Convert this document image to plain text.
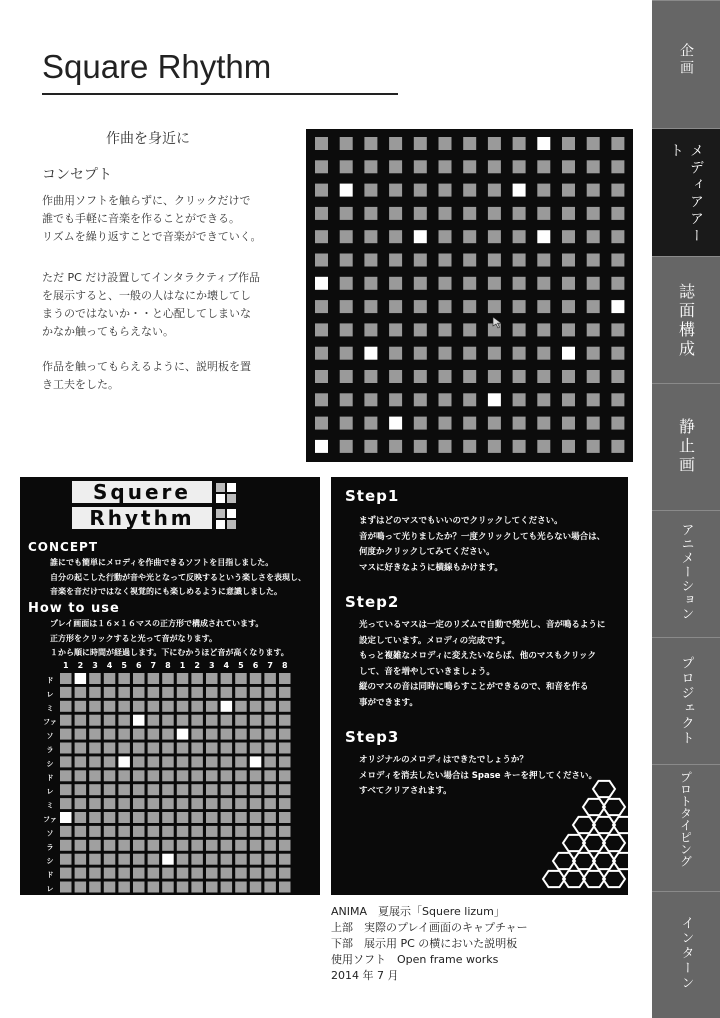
Square Rhythm
作曲を身近に
コンセプト
作曲用ソフトを触らずに、クリックだけで
誰でも手軽に音楽を作ることができる。
リズムを繰り返すことで音楽ができていく。
ただ PC だけ設置してインタラクティブ作品
を展示すると、一般の人はなにか壊してし
まうのではないか・・と心配してしまいな
かなか触ってもらえない。
作品を触ってもらえるように、説明板を置
き工夫をした。
Squere
Rhythm
CONCEPT
誰にでも簡単にメロディを作曲できるソフトを目指しました。
自分の起こした行動が音や光となって反映するという楽しさを表現し、
音楽を音だけではなく視覚的にも楽しめるように意識しました。
How to use
プレイ画面は１６×１６マスの正方形で構成されています。
正方形をクリックすると光って音がなります。
１から順に時間が経過します。下にむかうほど音が高くなります。
1 2 3 4 5 6 7 8 1 2 3 4 5 6 7 8
ド
レ
ミ
ファ
ソ
ラ
シ
ド
レ
ミ
ファ
ソ
ラ
シ
ド
レ
Step1
まずはどのマスでもいいのでクリックしてください。
音が鳴って光りましたか？一度クリックしても光らない場合は、
何度かクリックしてみてください。
マスに好きなように横線もかけます。
Step2
光っているマスは一定のリズムで自動で発光し、音が鳴るように
設定しています。メロディの完成です。
もっと複雑なメロディに変えたいならば、他のマスもクリック
して、音を増やしていきましょう。
縦のマスの音は同時に鳴らすことができるので、和音を作る
事ができます。
Step3
オリジナルのメロディはできたでしょうか？
メロディを消去したい場合は Spase キーを押してください。
すべてクリアされます。
ANIMA　夏展示「Squere lizum」
上部　実際のプレイ画面のキャプチャー
下部　展示用 PC の横においた説明板
使用ソフト　Open frame works
2014 年 7 月
企画
メディアアート
誌面構成
静止画
アニメーション
プロジェクト
プロトタイピング
インターン
